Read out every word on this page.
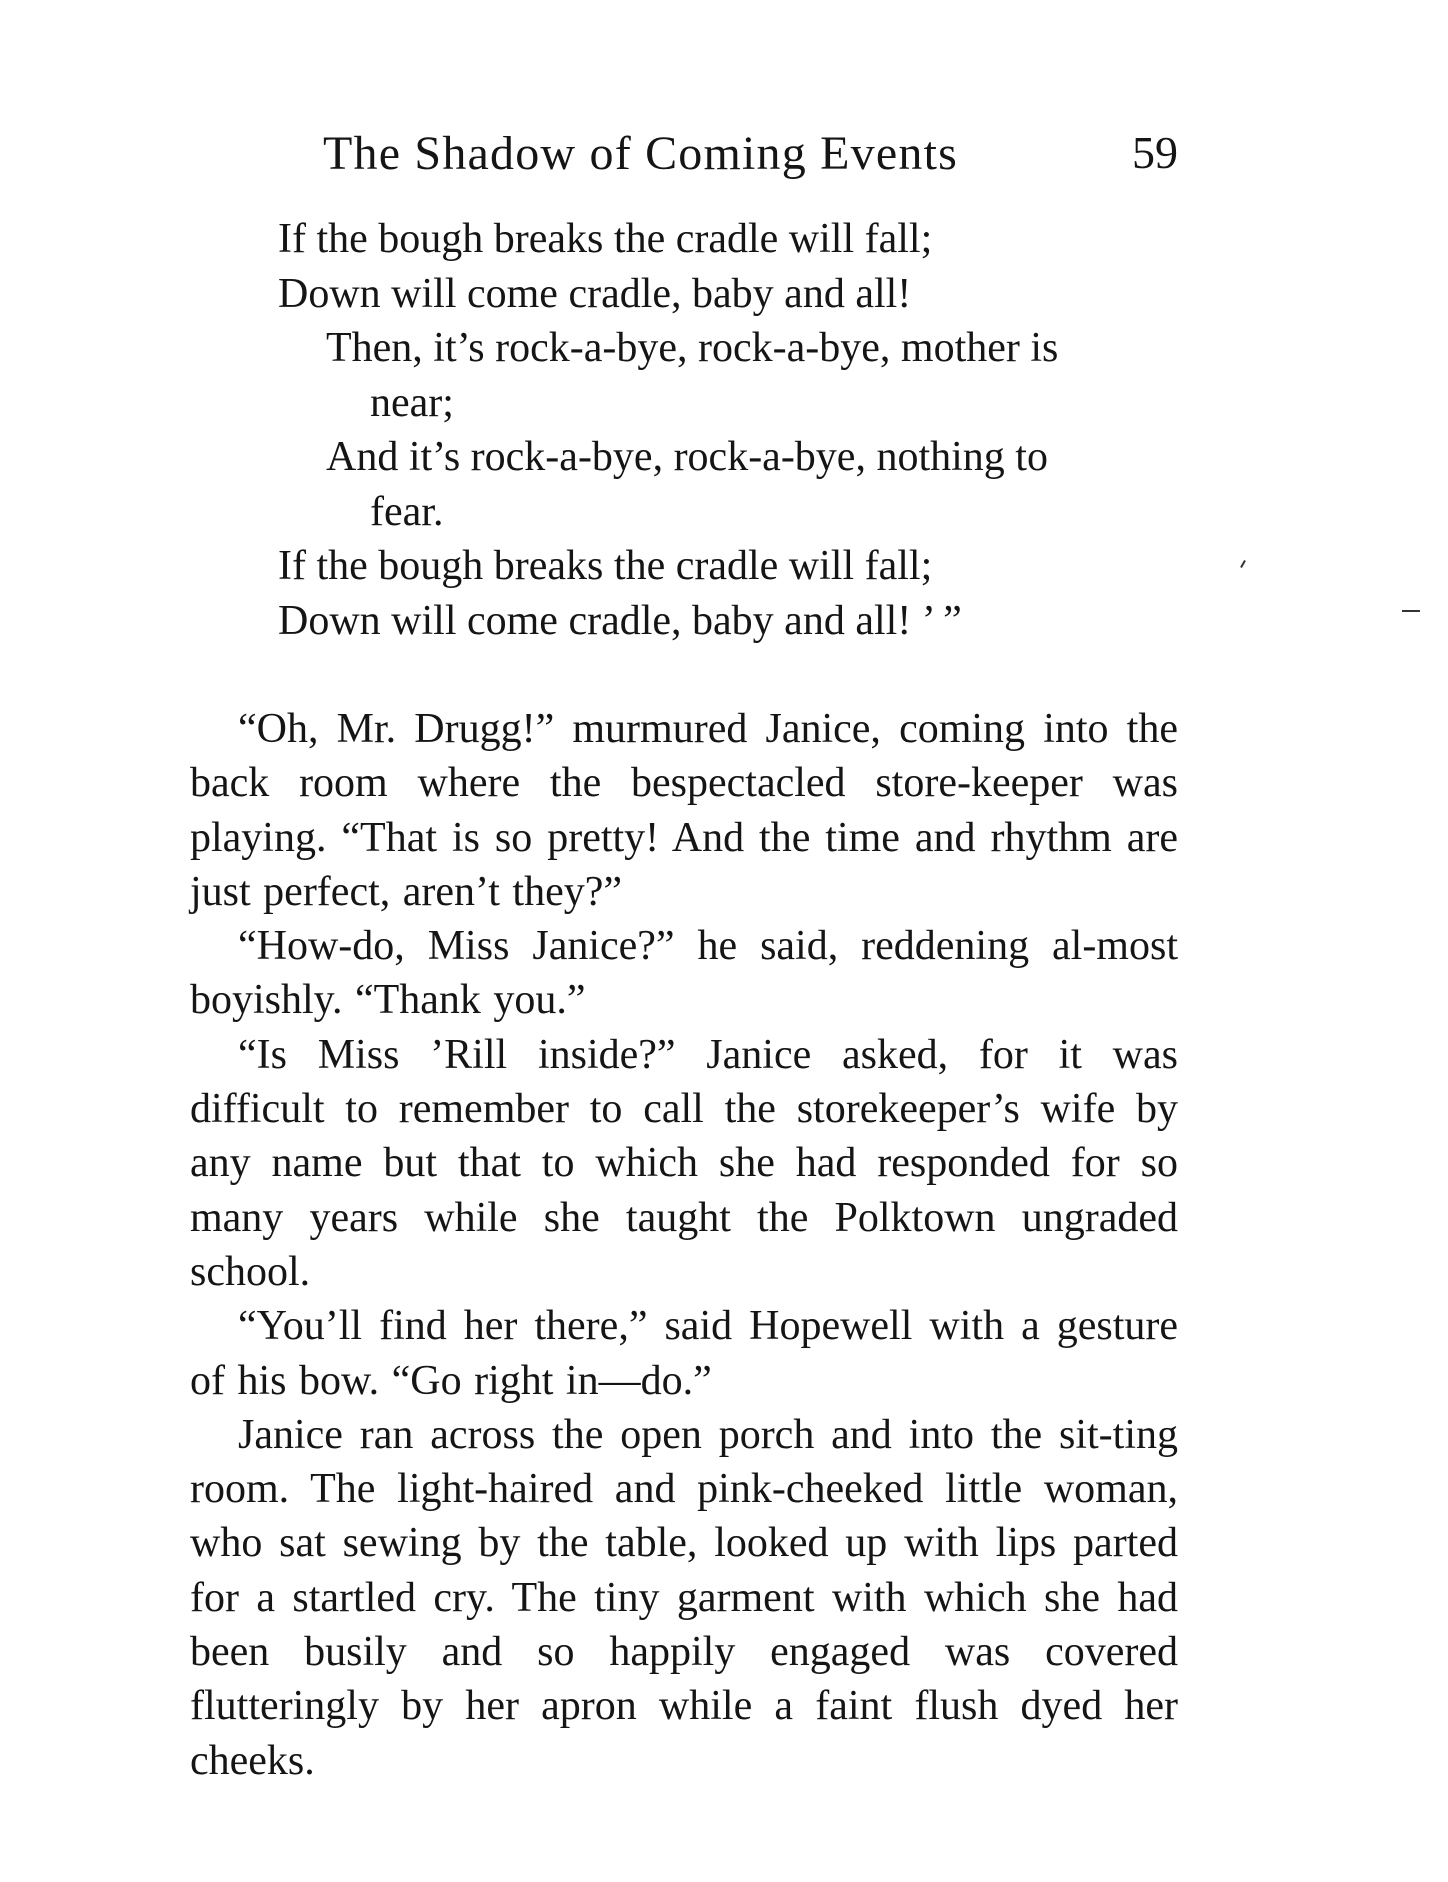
The Shadow of Coming Events	59
If the bough breaks the cradle will fall;
Down will come cradle, baby and all!
Then, it’s rock-a-bye, rock-a-bye, mother is
near;
And it’s rock-a-bye, rock-a-bye, nothing to
fear.
If the bough breaks the cradle will fall;
Down will come cradle, baby and all! ’ ”

“Oh, Mr. Drugg!” murmured Janice, coming into the back room where the bespectacled store-keeper was playing. “That is so pretty! And the time and rhythm are just perfect, aren’t they?”

“How-do, Miss Janice?” he said, reddening al-most boyishly. “Thank you.”

“Is Miss ’Rill inside?” Janice asked, for it was difficult to remember to call the storekeeper’s wife by any name but that to which she had responded for so many years while she taught the Polktown ungraded school.

“You’ll find her there,” said Hopewell with a gesture of his bow. “Go right in—do.”

Janice ran across the open porch and into the sit-ting room. The light-haired and pink-cheeked little woman, who sat sewing by the table, looked up with lips parted for a startled cry. The tiny garment with which she had been busily and so happily engaged was covered flutteringly by her apron while a faint flush dyed her cheeks.
